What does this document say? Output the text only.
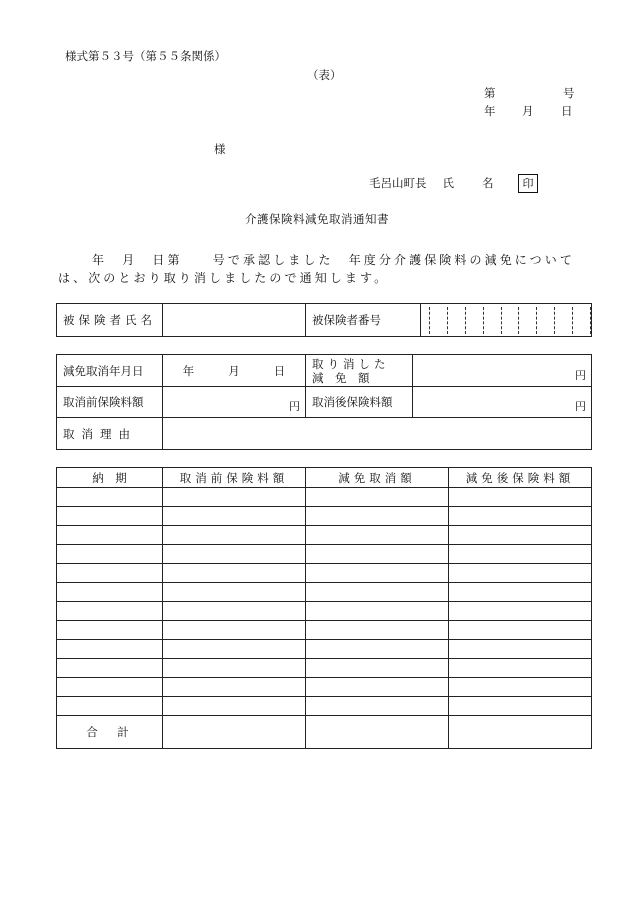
様式第５３号（第５５条関係）
（表）
第	号
年 月 日
様
毛呂山町長 氏 名	印
介護保険料減免取消通知書
年　月　日第　　号で承認しました　年度分介護保険料の減免について
は、次のとおり取り消しましたので通知します。
被保険者氏名		被保険者番号	
減免取消年月日	年 月 日	取り消した
減　免　額	円
取消前保険料額	円	取消後保険料額	円
取消理由			
納　期	取消前保険料額	減免取消額	減免後保険料額

合　計			
